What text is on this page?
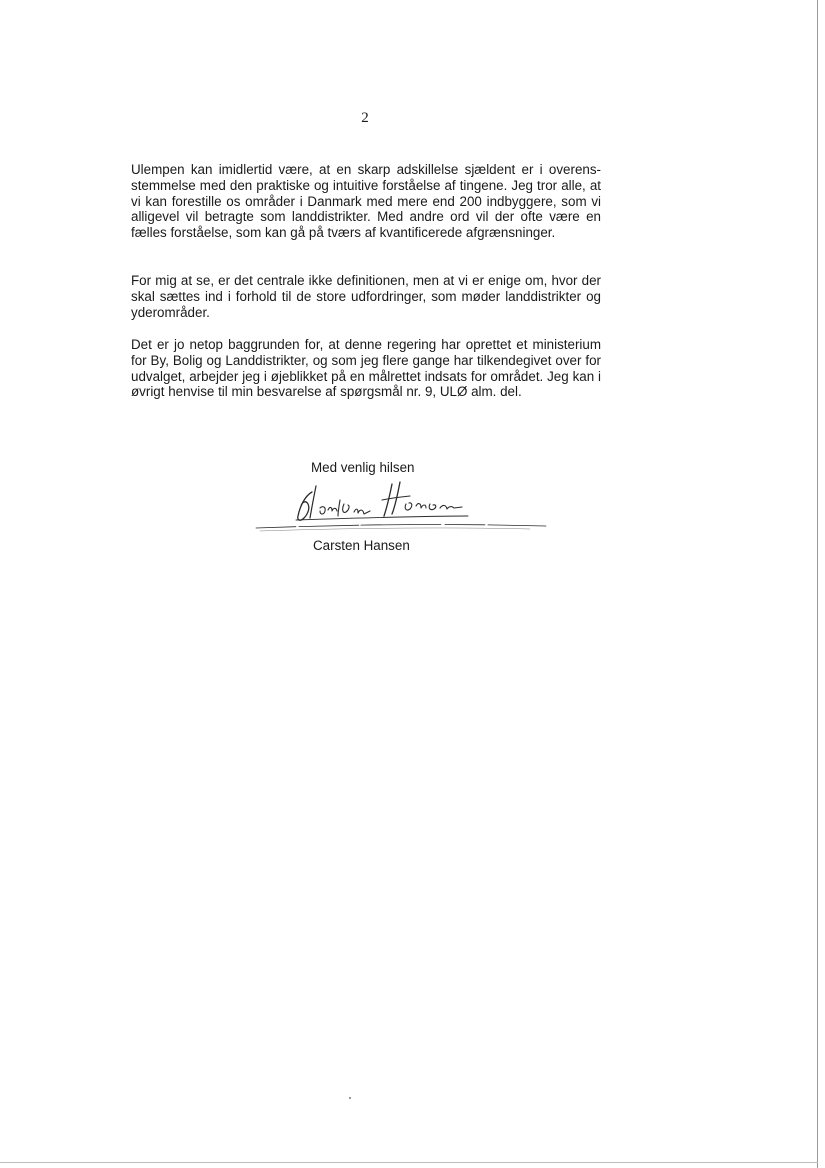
2

Ulempen kan imidlertid være, at en skarp adskillelse sjældent er i overensstemmelse med den praktiske og intuitive forståelse af tingene. Jeg tror alle, at vi kan forestille os områder i Danmark med mere end 200 indbyggere, som vi alligevel vil betragte som landdistrikter. Med andre ord vil der ofte være en fælles forståelse, som kan gå på tværs af kvantificerede afgrænsninger.

For mig at se, er det centrale ikke definitionen, men at vi er enige om, hvor der skal sættes ind i forhold til de store udfordringer, som møder landdistrikter og yderområder.

Det er jo netop baggrunden for, at denne regering har oprettet et ministerium for By, Bolig og Landdistrikter, og som jeg flere gange har tilkendegivet over for udvalget, arbejder jeg i øjeblikket på en målrettet indsats for området. Jeg kan i øvrigt henvise til min besvarelse af spørgsmål nr. 9, ULØ alm. del.

Med venlig hilsen
Carsten Hansen
